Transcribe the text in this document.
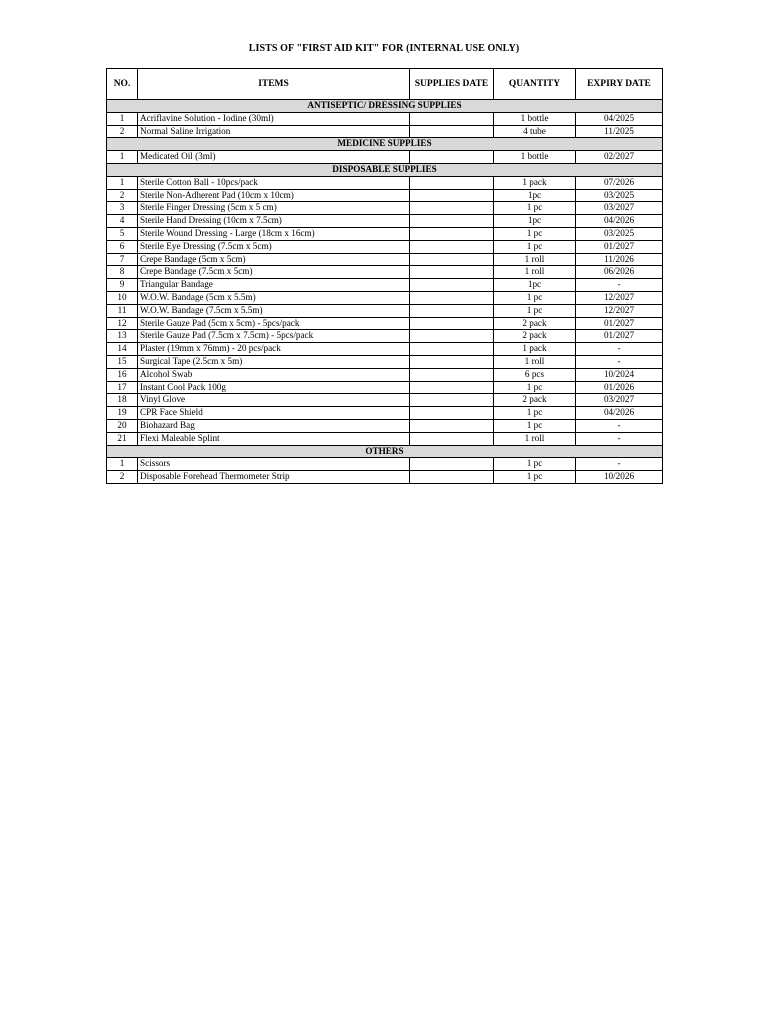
LISTS OF "FIRST AID KIT" FOR (INTERNAL USE ONLY)
NO.	ITEMS	SUPPLIES DATE	QUANTITY	EXPIRY DATE
ANTISEPTIC/ DRESSING SUPPLIES				
1	Acriflavine Solution - Iodine (30ml)		1 bottle	04/2025
2	Normal Saline Irrigation		4 tube	11/2025
MEDICINE SUPPLIES				
1	Medicated Oil (3ml)		1 bottle	02/2027
DISPOSABLE SUPPLIES				
1	Sterile Cotton Ball - 10pcs/pack		1 pack	07/2026
2	Sterile Non-Adherent Pad (10cm x 10cm)		1pc	03/2025
3	Sterile Finger Dressing (5cm x 5 cm)		1 pc	03/2027
4	Sterile Hand Dressing (10cm x 7.5cm)		1pc	04/2026
5	Sterile Wound Dressing - Large (18cm x 16cm)		1 pc	03/2025
6	Sterile Eye Dressing (7.5cm x 5cm)		1 pc	01/2027
7	Crepe Bandage (5cm x 5cm)		1 roll	11/2026
8	Crepe Bandage (7.5cm x 5cm)		1 roll	06/2026
9	Triangular Bandage		1pc	-
10	W.O.W. Bandage (5cm x 5.5m)		1 pc	12/2027
11	W.O.W. Bandage (7.5cm x 5.5m)		1 pc	12/2027
12	Sterile Gauze Pad (5cm x 5cm) - 5pcs/pack		2 pack	01/2027
13	Sterile Gauze Pad (7.5cm x 7.5cm) - 5pcs/pack		2 pack	01/2027
14	Plaster (19mm x 76mm) - 20 pcs/pack		1 pack	-
15	Surgical Tape (2.5cm x 5m)		1 roll	-
16	Alcohol Swab		6 pcs	10/2024
17	Instant Cool Pack 100g		1 pc	01/2026
18	Vinyl Glove		2 pack	03/2027
19	CPR Face Shield		1 pc	04/2026
20	Biohazard Bag		1 pc	-
21	Flexi Maleable Splint		1 roll	-
OTHERS				
1	Scissors		1 pc	-
2	Disposable Forehead Thermometer Strip		1 pc	10/2026
